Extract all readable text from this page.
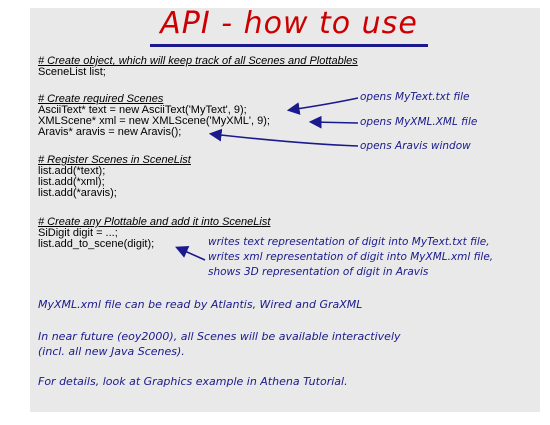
API - how to use
# Create object, which will keep track of all Scenes and Plottables
SceneList list;
# Create required Scenes
AsciiText* text = new AsciiText('MyText', 9);
XMLScene* xml = new XMLScene('MyXML', 9);
Aravis* aravis = new Aravis();
# Register Scenes in SceneList
list.add(*text);
list.add(*xml);
list.add(*aravis);
# Create any Plottable and add it into SceneList
SiDigit digit = ...;
list.add_to_scene(digit);
opens MyText.txt file
opens MyXML.XML file
opens Aravis window
writes text representation of digit into MyText.txt file,
writes xml representation of digit into MyXML.xml file,
shows 3D representation of digit in Aravis
MyXML.xml file can be read by Atlantis, Wired and GraXML
In near future (eoy2000), all Scenes will be available interactively
(incl. all new Java Scenes).
For details, look at Graphics example in Athena Tutorial.
